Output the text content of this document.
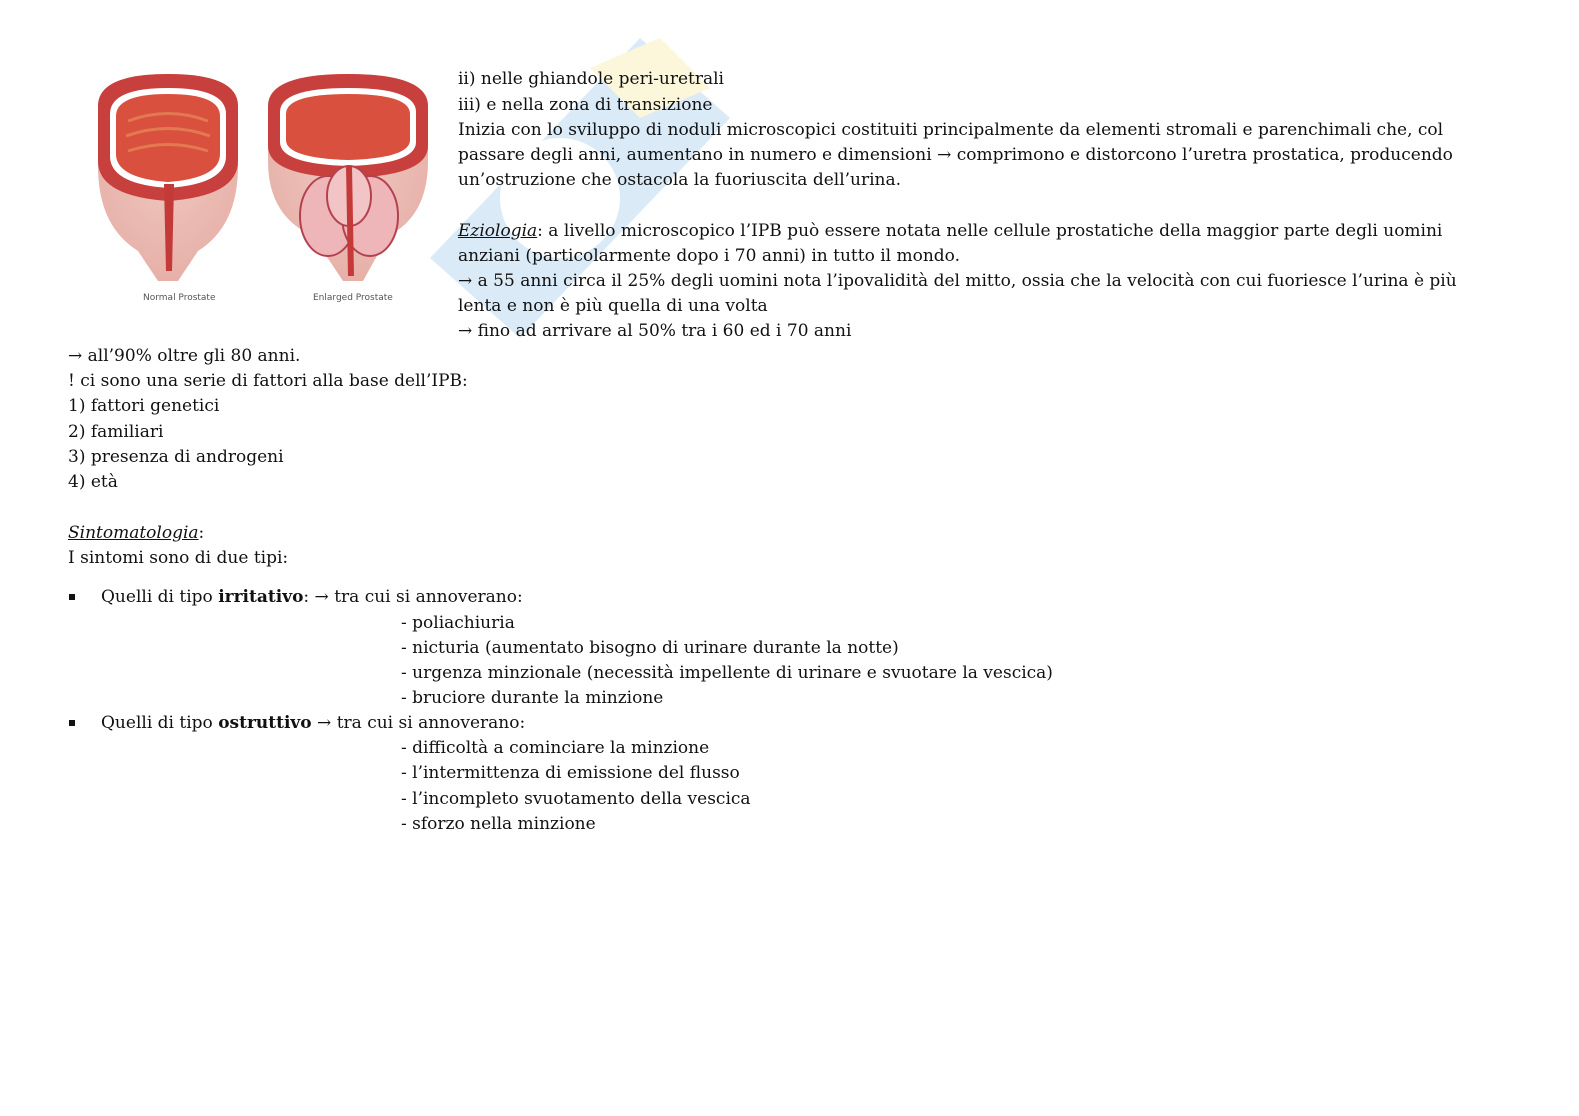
Normal Prostate	Enlarged Prostate
ii) nelle ghiandole peri-uretrali
iii) e nella zona di transizione
Inizia con lo sviluppo di noduli microscopici costituiti principalmente da elementi stromali e parenchimali che, col
passare degli anni, aumentano in numero e dimensioni → comprimono e distorcono l’uretra prostatica, producendo
un’ostruzione che ostacola la fuoriuscita dell’urina.
Eziologia: a livello microscopico l’IPB può essere notata nelle cellule prostatiche della maggior parte degli uomini
anziani (particolarmente dopo i 70 anni) in tutto il mondo.
→ a 55 anni circa il 25% degli uomini nota l’ipovalidità del mitto, ossia che la velocità con cui fuoriesce l’urina è più
lenta e non è più quella di una volta
→ fino ad arrivare al 50% tra i 60 ed i 70 anni
→ all’90% oltre gli 80 anni.
! ci sono una serie di fattori alla base dell’IPB:
1) fattori genetici
2) familiari
3) presenza di androgeni
4) età
Sintomatologia:
I sintomi sono di due tipi:
Quelli di tipo irritativo: → tra cui si annoverano:
- poliachiuria
- nicturia (aumentato bisogno di urinare durante la notte)
- urgenza minzionale (necessità impellente di urinare e svuotare la vescica)
- bruciore durante la minzione
Quelli di tipo ostruttivo → tra cui si annoverano:
- difficoltà a cominciare la minzione
- l’intermittenza di emissione del flusso
- l’incompleto svuotamento della vescica
- sforzo nella minzione
